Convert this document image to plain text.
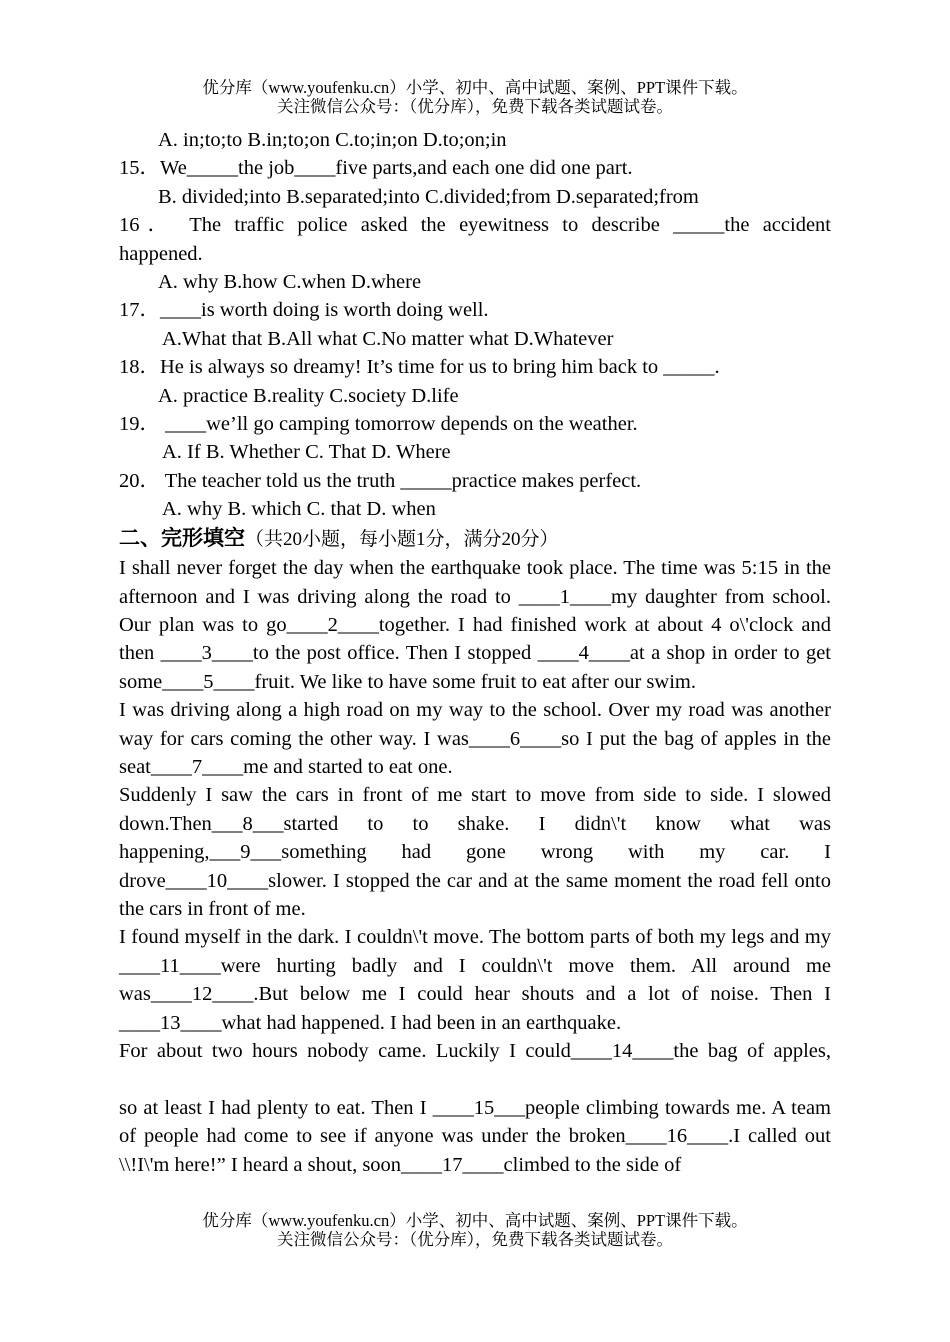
优分库（www.youfenku.cn）小学、初中、高中试题、案例、PPT课件下载。
关注微信公众号：（优分库），免费下载各类试题试卷。
A. in;to;to B.in;to;on C.to;in;on D.to;on;in
15．We_____the job____five parts,and each one did one part.
B. divided;into B.separated;into C.divided;from D.separated;from
16． The traffic police asked the eyewitness to describe _____the accident
happened.
A. why B.how C.when D.where
17．____is worth doing is worth doing well.
A.What that B.All what C.No matter what D.Whatever
18．He is always so dreamy! It’s time for us to bring him back to _____.
A. practice B.reality C.society D.life
19． ____we’ll go camping tomorrow depends on the weather.
A. If B. Whether C. That D. Where
20． The teacher told us the truth _____practice makes perfect.
A. why B. which C. that D. when
二、完形填空（共20小题，每小题1分，满分20分）
I shall never forget the day when the earthquake took place. The time was 5:15 in the afternoon and I was driving along the road to ____1____my daughter from school. Our plan was to go____2____together. I had finished work at about 4 o\'clock and then ____3____to the post office. Then I stopped ____4____at a shop in order to get some____5____fruit. We like to have some fruit to eat after our swim.
I was driving along a high road on my way to the school. Over my road was another way for cars coming the other way. I was____6____so I put the bag of apples in the seat____7____me and started to eat one.
Suddenly I saw the cars in front of me start to move from side to side. I slowed down.Then___8___started to to shake. I didn\'t know what was happening,___9___something had gone wrong with my car. I drove____10____slower. I stopped the car and at the same moment the road fell onto the cars in front of me.
I found myself in the dark. I couldn\'t move. The bottom parts of both my legs and my ____11____were hurting badly and I couldn\'t move them. All around me was____12____.But below me I could hear shouts and a lot of noise. Then I ____13____what had happened. I had been in an earthquake.
For about two hours nobody came. Luckily I could____14____the bag of apples,
so at least I had plenty to eat. Then I ____15___people climbing towards me. A team of people had come to see if anyone was under the broken____16____.I called out \\!I\'m here!” I heard a shout, soon____17____climbed to the side of
优分库（www.youfenku.cn）小学、初中、高中试题、案例、PPT课件下载。
关注微信公众号：（优分库），免费下载各类试题试卷。
